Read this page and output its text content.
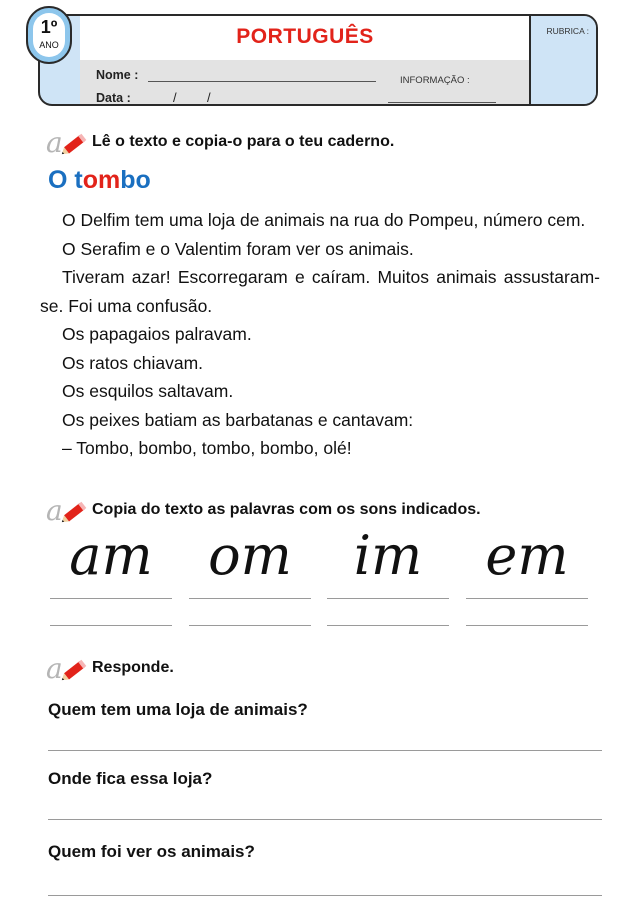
PORTUGUÊS
Nome :
Data :	/ /
INFORMAÇÃO :
RUBRICA :
1º
ANO
a Lê o texto e copia-o para o teu caderno.
O tombo

O Delfim tem uma loja de animais na rua do Pompeu, número cem.

O Serafim e o Valentim foram ver os animais.

Tiveram azar! Escorregaram e caíram. Muitos animais assustaram-se. Foi uma confusão.

Os papagaios palravam.

Os ratos chiavam.

Os esquilos saltavam.

Os peixes batiam as barbatanas e cantavam:

– Tombo, bombo, tombo, bombo, olé!

a Copia do texto as palavras com os sons indicados.
am	om	im	em
a Responde.
Quem tem uma loja de animais?
Onde fica essa loja?
Quem foi ver os animais?
